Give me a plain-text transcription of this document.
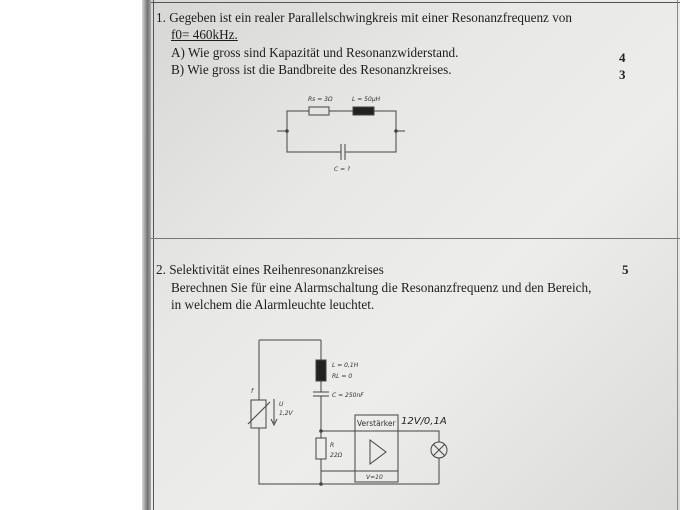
1. Gegeben ist ein realer Parallelschwingkreis mit einer Resonanzfrequenz von
f0= 460kHz.
A) Wie gross sind Kapazität und Resonanzwiderstand.
B) Wie gross ist die Bandbreite des Resonanzkreises.
4
3
2. Selektivität eines Reihenresonanzkreises
Berechnen Sie für eine Alarmschaltung die Resonanzfrequenz und den Bereich,
in welchem die Alarmleuchte leuchtet.
5
Rs = 3Ω	L = 50μH
C = ?
f
U
1,2V
L = 0,1H
RL = 0
C = 250nF
R
22Ω
Verstärker
V=10
12V/0,1A
